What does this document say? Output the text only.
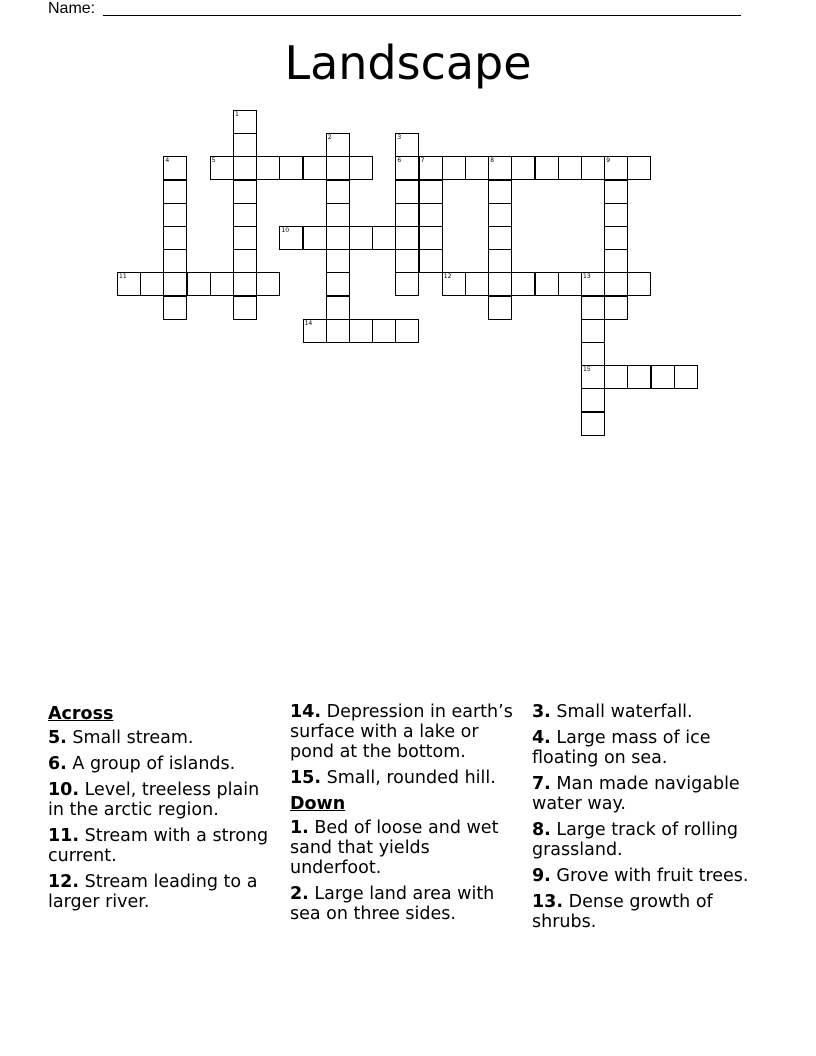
Name:
Landscape
1
2	3
6
4	5	7	8	9
10
11	12	13
15
14
Across
5. Small stream.
6. A group of islands.
10. Level, treeless plain in the arctic region.
11. Stream with a strong current.
12. Stream leading to a larger river.
14. Depression in earth’s surface with a lake or pond at the bottom.
15. Small, rounded hill.
Down
1. Bed of loose and wet sand that yields underfoot.
2. Large land area with sea on three sides.
3. Small waterfall.
4. Large mass of ice floating on sea.
7. Man made navigable water way.
8. Large track of rolling grassland.
9. Grove with fruit trees.
13. Dense growth of shrubs.
